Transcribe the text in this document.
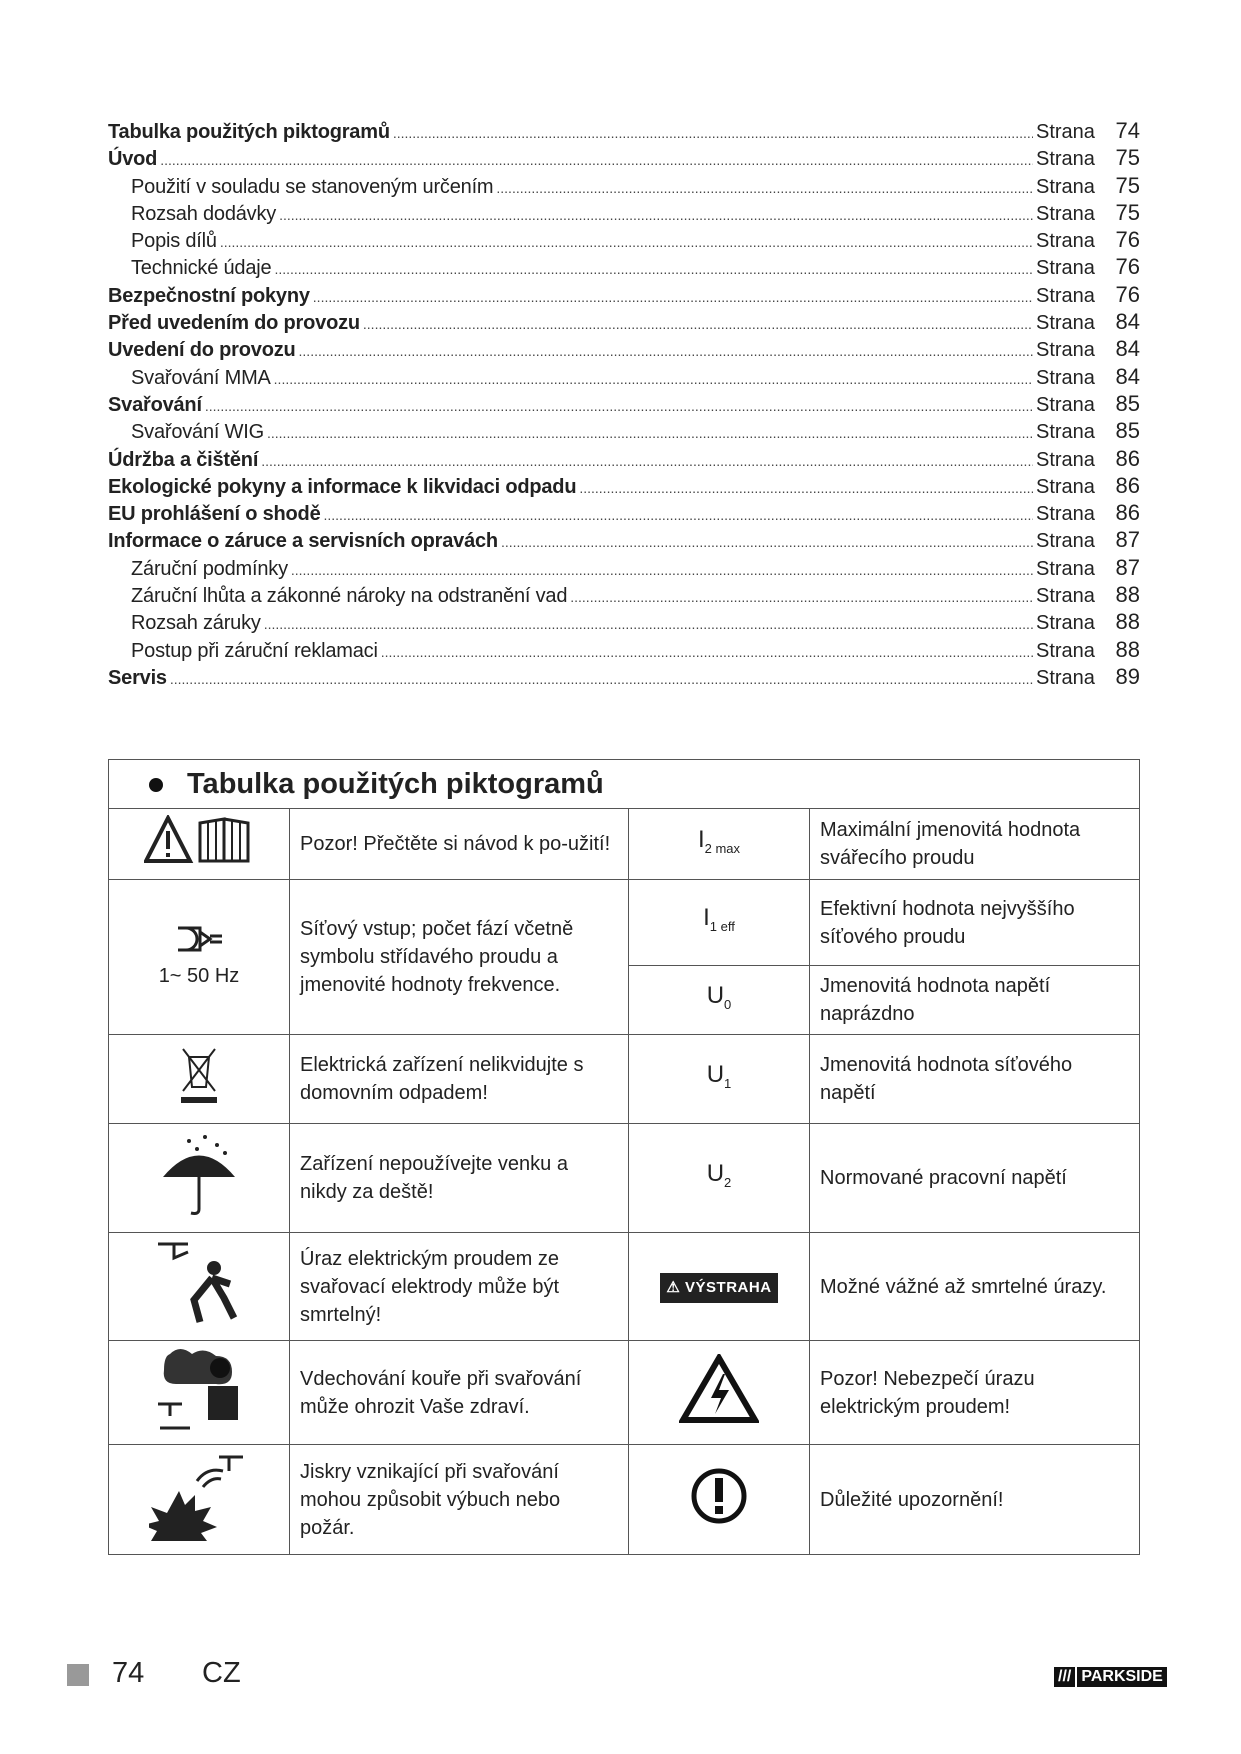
Tabulka použitých piktogramů .....	Strana 74
Úvod .....	Strana 75
Použití v souladu se stanoveným určením .....	Strana 75
Rozsah dodávky .....	Strana 75
Popis dílů .....	Strana 76
Technické údaje .....	Strana 76
Bezpečnostní pokyny .....	Strana 76
Před uvedením do provozu .....	Strana 84
Uvedení do provozu .....	Strana 84
Svařování MMA .....	Strana 84
Svařování .....	Strana 85
Svařování WIG .....	Strana 85
Údržba a čištění .....	Strana 86
Ekologické pokyny a informace k likvidaci odpadu .....	Strana 86
EU prohlášení o shodě .....	Strana 86
Informace o záruce a servisních opravách .....	Strana 87
Záruční podmínky .....	Strana 87
Záruční lhůta a zákonné nároky na odstranění vad .....	Strana 88
Rozsah záruky .....	Strana 88
Postup při záruční reklamaci .....	Strana 88
Servis .....	Strana 89
Tabulka použitých piktogramů			
	Pozor! Přečtěte si návod k po-užití!	$I_{2 max}$	Maximální jmenovitá hodnota svářecího proudu

1~ 50 Hz	Síťový vstup; počet fází včetně symbolu střídavého proudu a jmenovité hodnoty frekvence.	$I_{1 eff}$	Efektivní hodnota nejvyššího síťového proudu
		$U_0$	Jmenovitá hodnota napětí naprázdno
	Elektrická zařízení nelikvidujte s domovním odpadem!	$U_1$	Jmenovitá hodnota síťového napětí
	Zařízení nepoužívejte venku a nikdy za deště!	$U_2$	Normované pracovní napětí
	Úraz elektrickým proudem ze svařovací elektrody může být smrtelný!	⚠ VÝSTRAHA	Možné vážné až smrtelné úrazy.
	Vdechování kouře při svařování může ohrozit Vaše zdraví.		Pozor! Nebezpečí úrazu elektrickým proudem!
	Jiskry vznikající při svařování mohou způsobit výbuch nebo požár.		Důležité upozornění!
74 CZ	/// PARKSIDE
